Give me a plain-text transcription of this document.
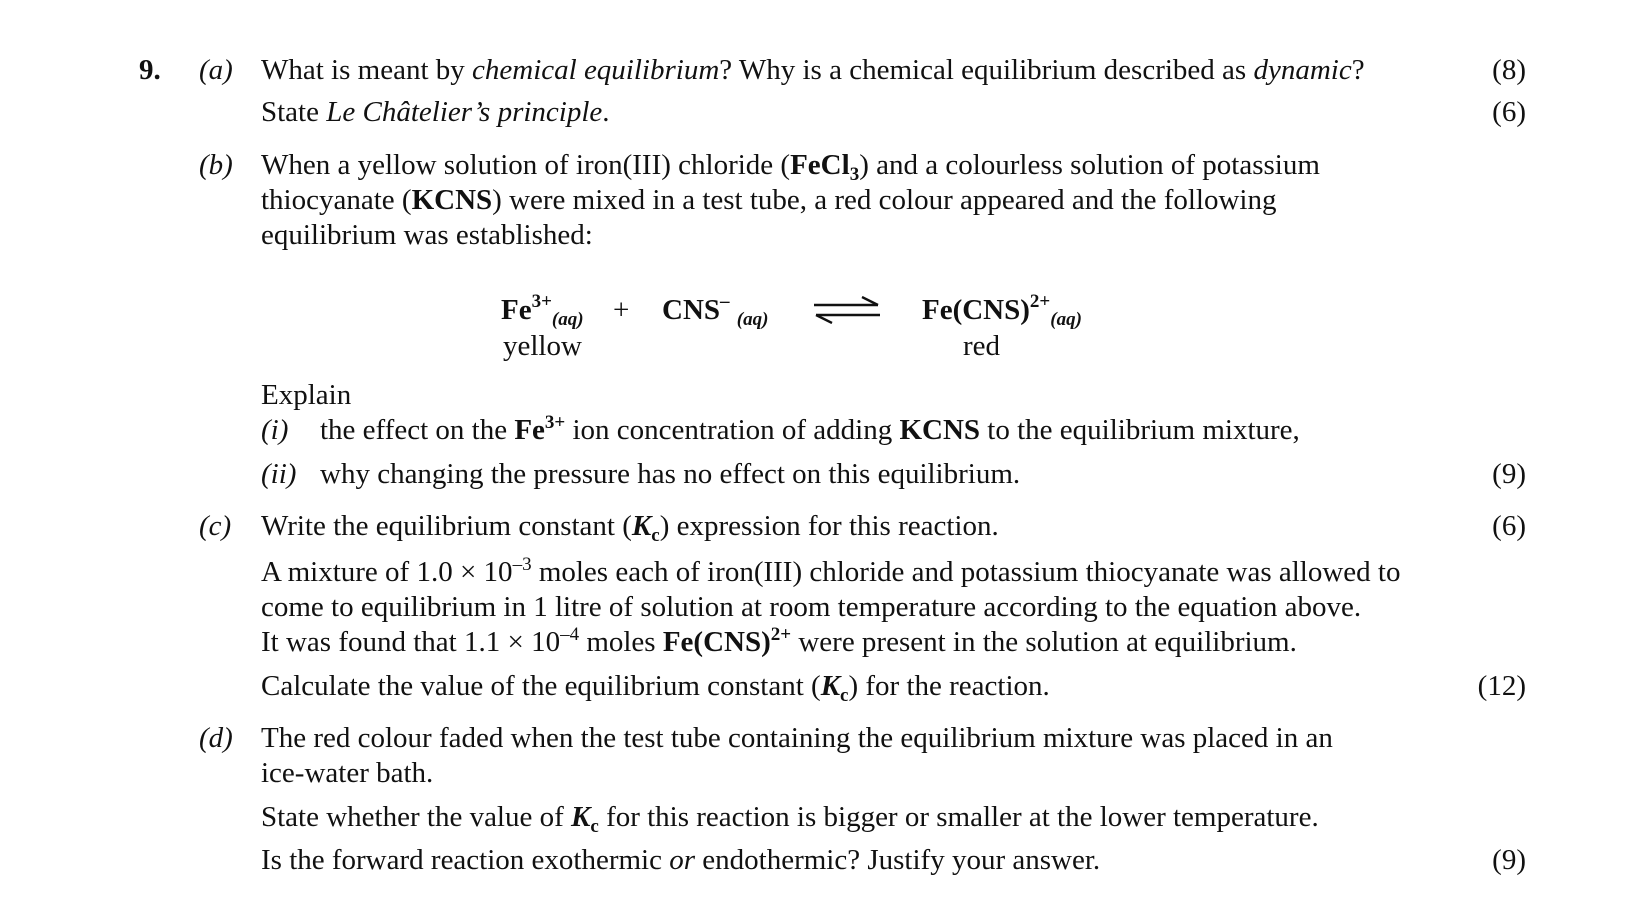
9. (a) What is meant by chemical equilibrium? Why is a chemical equilibrium described as dynamic?	(8)
State Le Châtelier’s principle.	(6)
(b) When a yellow solution of iron(III) chloride (FeCl$_3$) and a colourless solution of potassium
thiocyanate (KCNS) were mixed in a test tube, a red colour appeared and the following
equilibrium was established:
$Fe^{3+}_{(aq)} + CNS^-$ $_{(aq)}$ ⇌ Fe(CNS)$^{2+}_{(aq)}$
yellow	red
Explain
(i) the effect on the $Fe^{3+}$ ion concentration of adding KCNS to the equilibrium mixture,
(ii) why changing the pressure has no effect on this equilibrium.	(9)
(c) Write the equilibrium constant $(K_c)$ expression for this reaction.	(6)
A mixture of $1.0 \times 10^{-3}$ moles each of iron(III) chloride and potassium thiocyanate was allowed to
come to equilibrium in 1 litre of solution at room temperature according to the equation above.
It was found that $1.1 \times 10^{-4}$ moles Fe(CNS)$^{2+}$ were present in the solution at equilibrium.
Calculate the value of the equilibrium constant $(K_c)$ for the reaction.	(12)
(d) The red colour faded when the test tube containing the equilibrium mixture was placed in an
ice-water bath.
State whether the value of $K_c$ for this reaction is bigger or smaller at the lower temperature.
Is the forward reaction exothermic or endothermic? Justify your answer.	(9)
